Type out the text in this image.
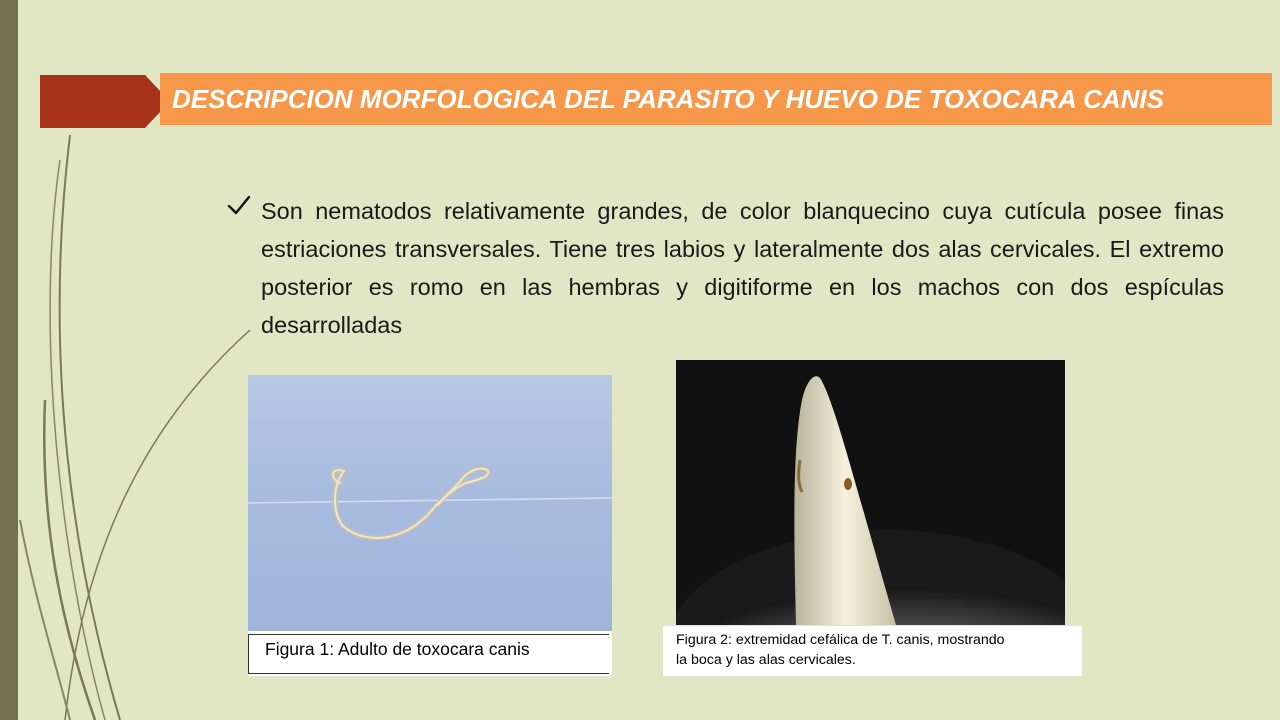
DESCRIPCION MORFOLOGICA DEL PARASITO Y HUEVO DE TOXOCARA CANIS

Son nematodos relativamente grandes, de color blanquecino cuya cutícula posee finas estriaciones transversales. Tiene tres labios y lateralmente dos alas cervicales. El extremo posterior es romo en las hembras y digitiforme en los machos con dos espículas desarrolladas

Figura 1: Adulto de toxocara canis	Figura 2: extremidad cefálica de T. canis, mostrando
la boca y las alas cervicales.
